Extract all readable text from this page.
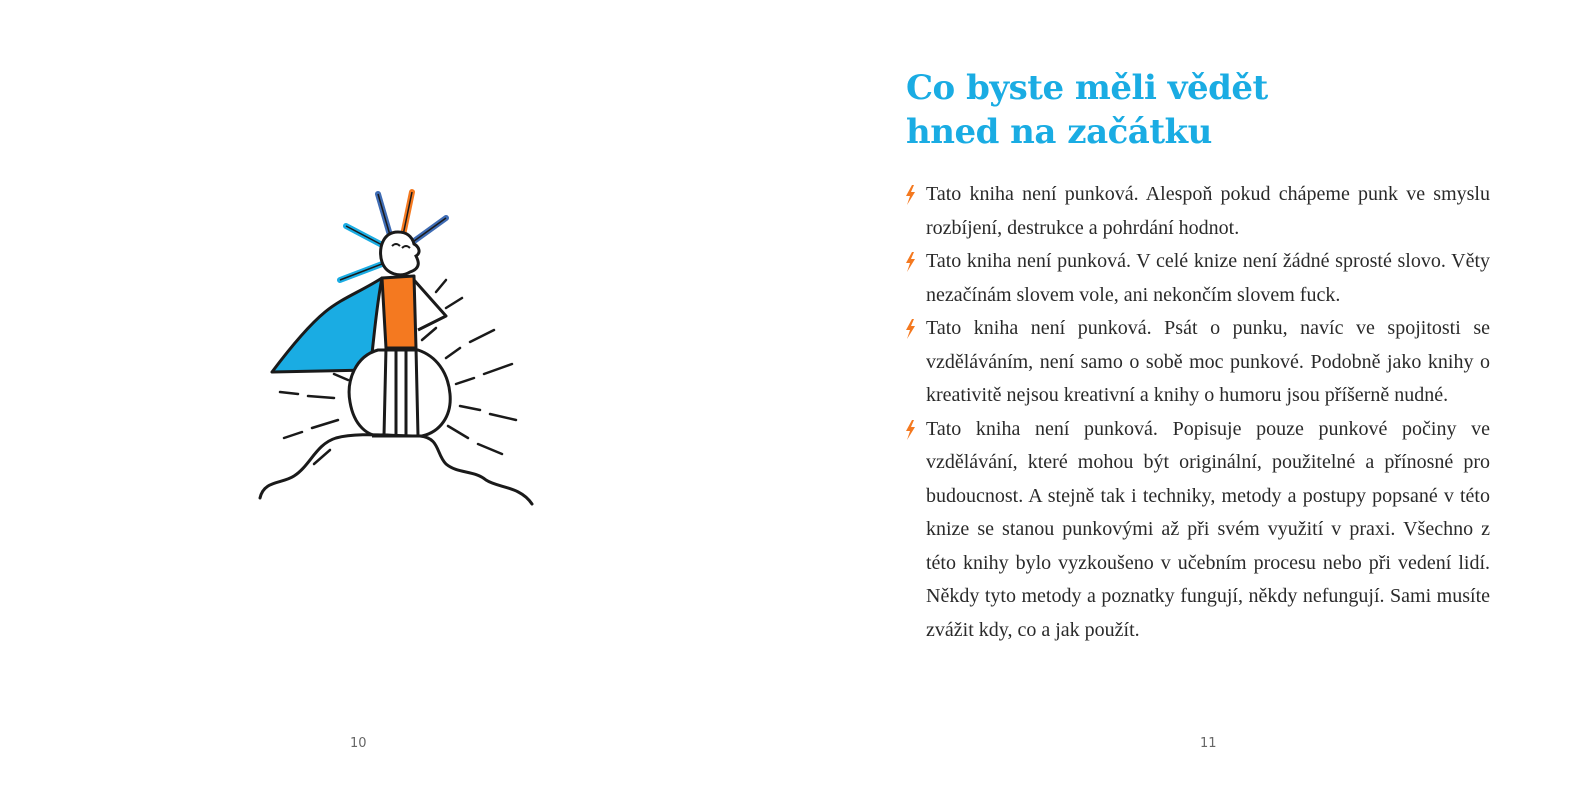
10
Co byste měli vědět
hned na začátku
Tato kniha není punková. Alespoň pokud chápeme punk ve smyslu rozbíjení, destrukce a pohrdání hodnot.
Tato kniha není punková. V celé knize není žádné sprosté slovo. Věty nezačínám slovem vole, ani nekončím slovem fuck.
Tato kniha není punková. Psát o punku, navíc ve spojitosti se vzděláváním, není samo o sobě moc punkové. Podobně jako knihy o kreativitě nejsou kreativní a knihy o humoru jsou příšerně nudné.
Tato kniha není punková. Popisuje pouze punkové počiny ve vzdělávání, které mohou být originální, použitelné a přínosné pro budoucnost. A stejně tak i techniky, metody a postupy popsané v této knize se stanou punkovými až při svém využití v praxi. Všechno z této knihy bylo vyzkoušeno v učebním procesu nebo při vedení lidí. Někdy tyto metody a poznatky fungují, někdy nefungují. Sami musíte zvážit kdy, co a jak použít.
11
